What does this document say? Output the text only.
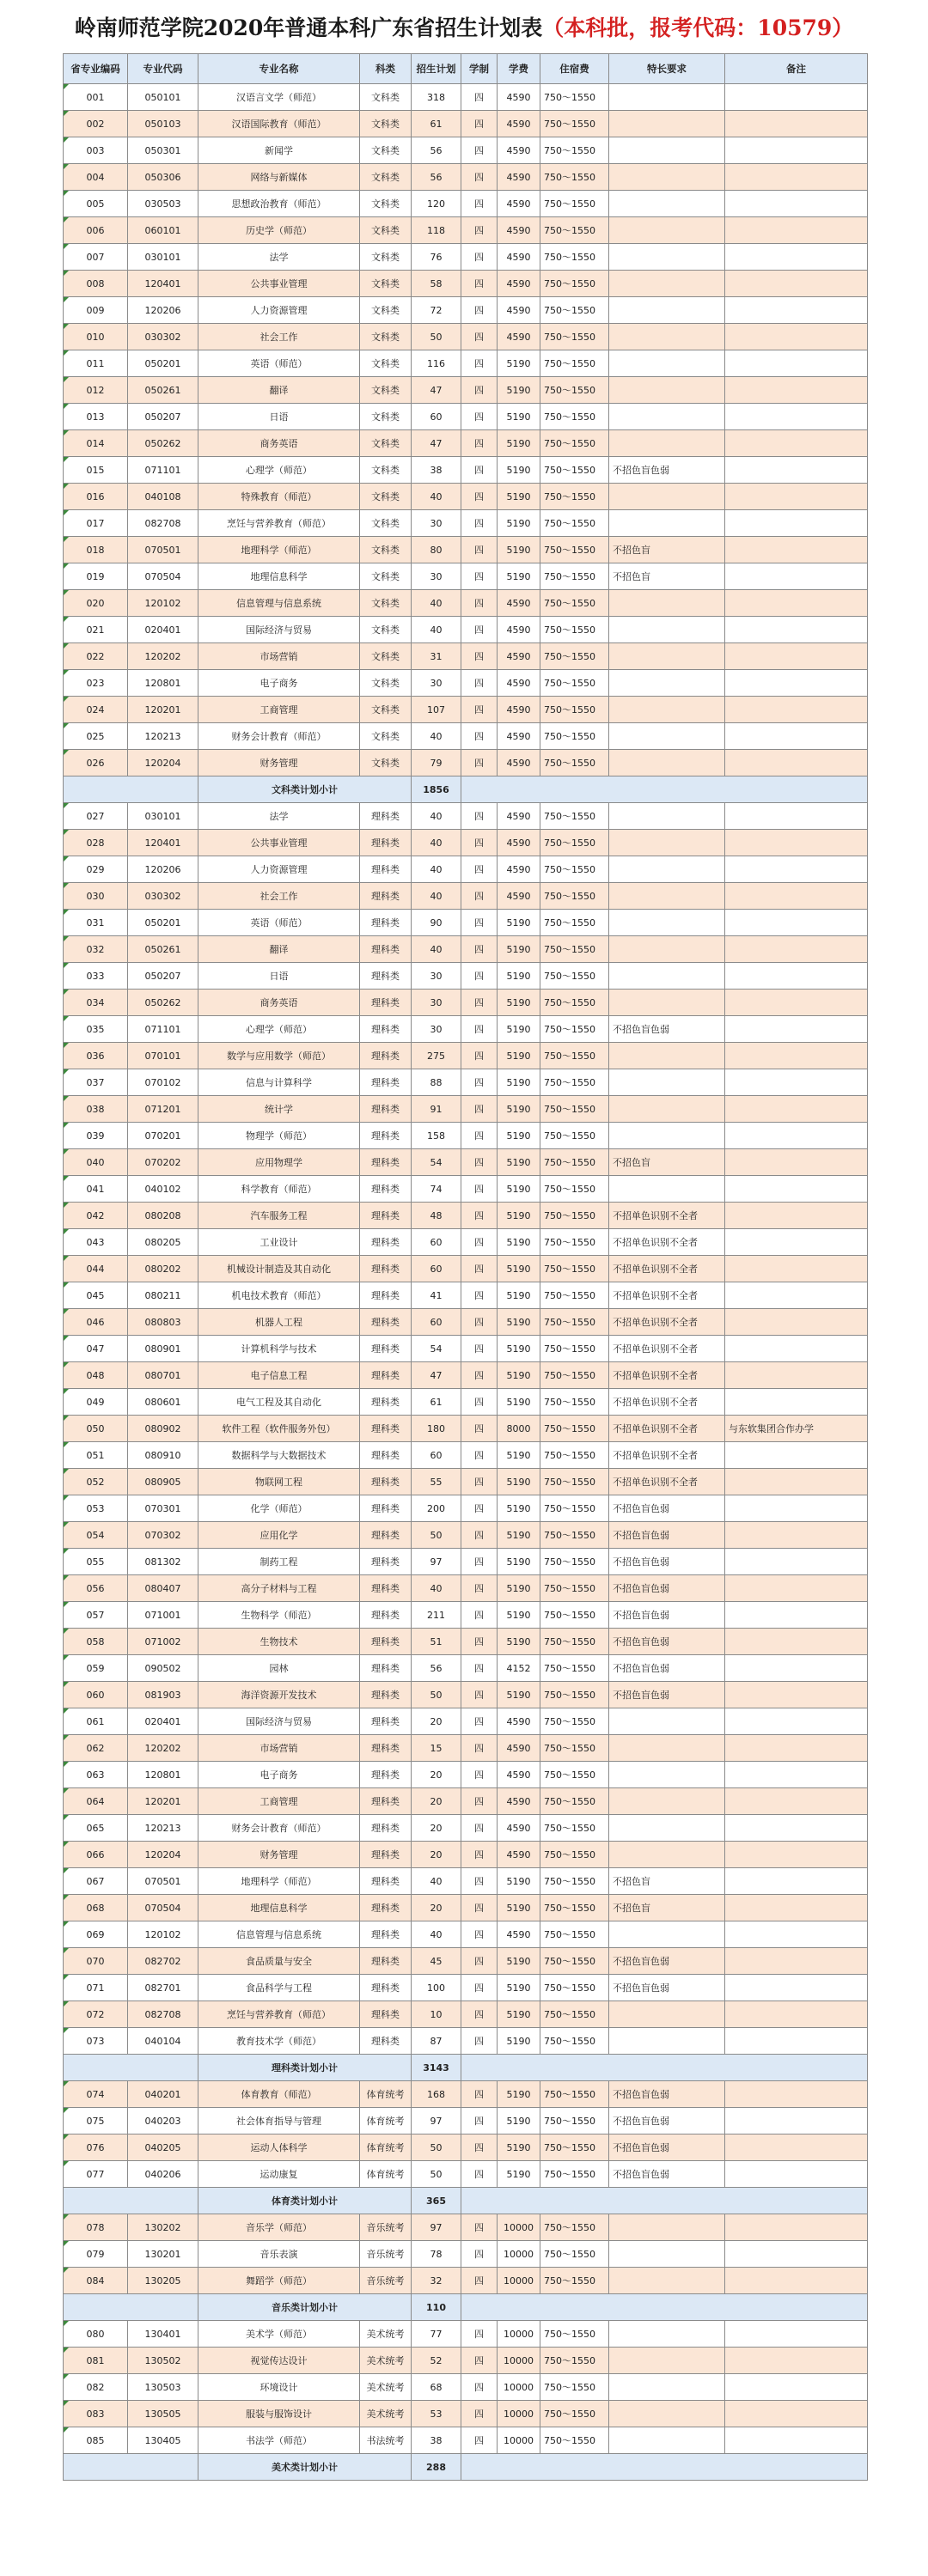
岭南师范学院2020年普通本科广东省招生计划表 （本科批，报考代码：10579）
省专业编码	专业代码	专业名称	科类	招生计划	学制	学费	住宿费	特长要求	备注
001	050101	汉语言文学（师范）	文科类	318	四	4590	750～1550		
002	050103	汉语国际教育（师范）	文科类	61	四	4590	750～1550		
003	050301	新闻学	文科类	56	四	4590	750～1550		
004	050306	网络与新媒体	文科类	56	四	4590	750～1550		
005	030503	思想政治教育（师范）	文科类	120	四	4590	750～1550		
006	060101	历史学（师范）	文科类	118	四	4590	750～1550		
007	030101	法学	文科类	76	四	4590	750～1550		
008	120401	公共事业管理	文科类	58	四	4590	750～1550		
009	120206	人力资源管理	文科类	72	四	4590	750～1550		
010	030302	社会工作	文科类	50	四	4590	750～1550		
011	050201	英语（师范）	文科类	116	四	5190	750～1550		
012	050261	翻译	文科类	47	四	5190	750～1550		
013	050207	日语	文科类	60	四	5190	750～1550		
014	050262	商务英语	文科类	47	四	5190	750～1550		
015	071101	心理学（师范）	文科类	38	四	5190	750～1550	不招色盲色弱	
016	040108	特殊教育（师范）	文科类	40	四	5190	750～1550		
017	082708	烹饪与营养教育（师范）	文科类	30	四	5190	750～1550		
018	070501	地理科学（师范）	文科类	80	四	5190	750～1550	不招色盲	
019	070504	地理信息科学	文科类	30	四	5190	750～1550	不招色盲	
020	120102	信息管理与信息系统	文科类	40	四	4590	750～1550		
021	020401	国际经济与贸易	文科类	40	四	4590	750～1550		
022	120202	市场营销	文科类	31	四	4590	750～1550		
023	120801	电子商务	文科类	30	四	4590	750～1550		
024	120201	工商管理	文科类	107	四	4590	750～1550		
025	120213	财务会计教育（师范）	文科类	40	四	4590	750～1550		
026	120204	财务管理	文科类	79	四	4590	750～1550		
		文科类计划小计		1856					
027	030101	法学	理科类	40	四	4590	750～1550		
028	120401	公共事业管理	理科类	40	四	4590	750～1550		
029	120206	人力资源管理	理科类	40	四	4590	750～1550		
030	030302	社会工作	理科类	40	四	4590	750～1550		
031	050201	英语（师范）	理科类	90	四	5190	750～1550		
032	050261	翻译	理科类	40	四	5190	750～1550		
033	050207	日语	理科类	30	四	5190	750～1550		
034	050262	商务英语	理科类	30	四	5190	750～1550		
035	071101	心理学（师范）	理科类	30	四	5190	750～1550	不招色盲色弱	
036	070101	数学与应用数学（师范）	理科类	275	四	5190	750～1550		
037	070102	信息与计算科学	理科类	88	四	5190	750～1550		
038	071201	统计学	理科类	91	四	5190	750～1550		
039	070201	物理学（师范）	理科类	158	四	5190	750～1550		
040	070202	应用物理学	理科类	54	四	5190	750～1550	不招色盲	
041	040102	科学教育（师范）	理科类	74	四	5190	750～1550		
042	080208	汽车服务工程	理科类	48	四	5190	750～1550	不招单色识别不全者	
043	080205	工业设计	理科类	60	四	5190	750～1550	不招单色识别不全者	
044	080202	机械设计制造及其自动化	理科类	60	四	5190	750～1550	不招单色识别不全者	
045	080211	机电技术教育（师范）	理科类	41	四	5190	750～1550	不招单色识别不全者	
046	080803	机器人工程	理科类	60	四	5190	750～1550	不招单色识别不全者	
047	080901	计算机科学与技术	理科类	54	四	5190	750～1550	不招单色识别不全者	
048	080701	电子信息工程	理科类	47	四	5190	750～1550	不招单色识别不全者	
049	080601	电气工程及其自动化	理科类	61	四	5190	750～1550	不招单色识别不全者	
050	080902	软件工程（软件服务外包）	理科类	180	四	8000	750～1550	不招单色识别不全者	与东软集团合作办学
051	080910	数据科学与大数据技术	理科类	60	四	5190	750～1550	不招单色识别不全者	
052	080905	物联网工程	理科类	55	四	5190	750～1550	不招单色识别不全者	
053	070301	化学（师范）	理科类	200	四	5190	750～1550	不招色盲色弱	
054	070302	应用化学	理科类	50	四	5190	750～1550	不招色盲色弱	
055	081302	制药工程	理科类	97	四	5190	750～1550	不招色盲色弱	
056	080407	高分子材料与工程	理科类	40	四	5190	750～1550	不招色盲色弱	
057	071001	生物科学（师范）	理科类	211	四	5190	750～1550	不招色盲色弱	
058	071002	生物技术	理科类	51	四	5190	750～1550	不招色盲色弱	
059	090502	园林	理科类	56	四	4152	750～1550	不招色盲色弱	
060	081903	海洋资源开发技术	理科类	50	四	5190	750～1550	不招色盲色弱	
061	020401	国际经济与贸易	理科类	20	四	4590	750～1550		
062	120202	市场营销	理科类	15	四	4590	750～1550		
063	120801	电子商务	理科类	20	四	4590	750～1550		
064	120201	工商管理	理科类	20	四	4590	750～1550		
065	120213	财务会计教育（师范）	理科类	20	四	4590	750～1550		
066	120204	财务管理	理科类	20	四	4590	750～1550		
067	070501	地理科学（师范）	理科类	40	四	5190	750～1550	不招色盲	
068	070504	地理信息科学	理科类	20	四	5190	750～1550	不招色盲	
069	120102	信息管理与信息系统	理科类	40	四	4590	750～1550		
070	082702	食品质量与安全	理科类	45	四	5190	750～1550	不招色盲色弱	
071	082701	食品科学与工程	理科类	100	四	5190	750～1550	不招色盲色弱	
072	082708	烹饪与营养教育（师范）	理科类	10	四	5190	750～1550		
073	040104	教育技术学（师范）	理科类	87	四	5190	750～1550		
		理科类计划小计		3143					
074	040201	体育教育（师范）	体育统考	168	四	5190	750～1550	不招色盲色弱	
075	040203	社会体育指导与管理	体育统考	97	四	5190	750～1550	不招色盲色弱	
076	040205	运动人体科学	体育统考	50	四	5190	750～1550	不招色盲色弱	
077	040206	运动康复	体育统考	50	四	5190	750～1550	不招色盲色弱	
		体育类计划小计		365					
078	130202	音乐学（师范）	音乐统考	97	四	10000	750～1550		
079	130201	音乐表演	音乐统考	78	四	10000	750～1550		
084	130205	舞蹈学（师范）	音乐统考	32	四	10000	750～1550		
		音乐类计划小计		110					
080	130401	美术学（师范）	美术统考	77	四	10000	750～1550		
081	130502	视觉传达设计	美术统考	52	四	10000	750～1550		
082	130503	环境设计	美术统考	68	四	10000	750～1550		
083	130505	服装与服饰设计	美术统考	53	四	10000	750～1550		
085	130405	书法学（师范）	书法统考	38	四	10000	750～1550		
		美术类计划小计		288					
